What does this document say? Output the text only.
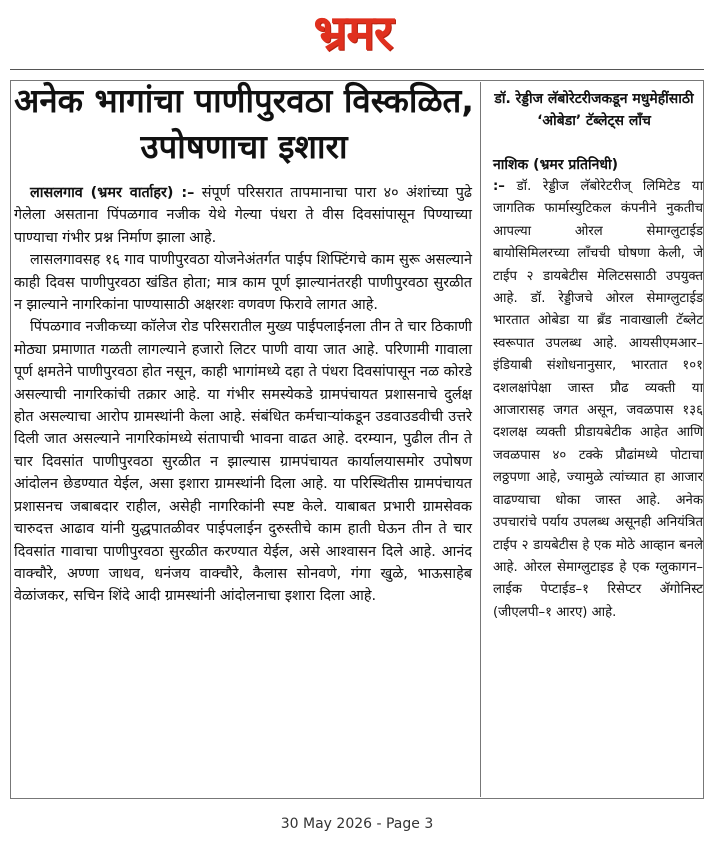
भ्रमर
अनेक भागांचा पाणीपुरवठा विस्कळित, उपोषणाचा इशारा

लासलगाव (भ्रमर वार्ताहर) :– संपूर्ण परिसरात तापमानाचा पारा ४० अंशांच्या पुढे गेलेला असताना पिंपळगाव नजीक येथे गेल्या पंधरा ते वीस दिवसांपासून पिण्याच्या पाण्याचा गंभीर प्रश्न निर्माण झाला आहे.

लासलगावसह १६ गाव पाणीपुरवठा योजनेअंतर्गत पाईप शिफ्टिंगचे काम सुरू असल्याने काही दिवस पाणीपुरवठा खंडित होता; मात्र काम पूर्ण झाल्यानंतरही पाणीपुरवठा सुरळीत न झाल्याने नागरिकांना पाण्यासाठी अक्षरशः वणवण फिरावे लागत आहे.

पिंपळगाव नजीकच्या कॉलेज रोड परिसरातील मुख्य पाईपलाईनला तीन ते चार ठिकाणी मोठ्या प्रमाणात गळती लागल्याने हजारो लिटर पाणी वाया जात आहे. परिणामी गावाला पूर्ण क्षमतेने पाणीपुरवठा होत नसून, काही भागांमध्ये दहा ते पंधरा दिवसांपासून नळ कोरडे असल्याची नागरिकांची तक्रार आहे. या गंभीर समस्येकडे ग्रामपंचायत प्रशासनाचे दुर्लक्ष होत असल्याचा आरोप ग्रामस्थांनी केला आहे. संबंधित कर्मचाऱ्यांकडून उडवाउडवीची उत्तरे दिली जात असल्याने नागरिकांमध्ये संतापाची भावना वाढत आहे. दरम्यान, पुढील तीन ते चार दिवसांत पाणीपुरवठा सुरळीत न झाल्यास ग्रामपंचायत कार्यालयासमोर उपोषण आंदोलन छेडण्यात येईल, असा इशारा ग्रामस्थांनी दिला आहे. या परिस्थितीस ग्रामपंचायत प्रशासनच जबाबदार राहील, असेही नागरिकांनी स्पष्ट केले. याबाबत प्रभारी ग्रामसेवक चारुदत्त आढाव यांनी युद्धपातळीवर पाईपलाईन दुरुस्तीचे काम हाती घेऊन तीन ते चार दिवसांत गावाचा पाणीपुरवठा सुरळीत करण्यात येईल, असे आश्वासन दिले आहे. आनंद वाक्चौरे, अण्णा जाधव, धनंजय वाक्चौरे, कैलास सोनवणे, गंगा खुळे, भाऊसाहेब वेळांजकर, सचिन शिंदे आदी ग्रामस्थांनी आंदोलनाचा इशारा दिला आहे.

डॉ. रेड्डीज लॅबोरेटरीजकडून मधुमेहींसाठी ‘ओबेडा’ टॅब्लेट्स लाँच
नाशिक (भ्रमर प्रतिनिधी)

:– डॉ. रेड्डीज लॅबोरेटरीज् लिमिटेड या जागतिक फार्मास्युटिकल कंपनीने नुकतीच आपल्या ओरल सेमाग्लुटाईड बायोसिमिलरच्या लाँचची घोषणा केली, जे टाईप २ डायबेटीस मेलिटससाठी उपयुक्त आहे. डॉ. रेड्डीजचे ओरल सेमाग्लुटाईड भारतात ओबेडा या ब्रँड नावाखाली टॅब्लेट स्वरूपात उपलब्ध आहे. आयसीएमआर–इंडियाबी संशोधनानुसार, भारतात १०१ दशलक्षांपेक्षा जास्त प्रौढ व्यक्ती या आजारासह जगत असून, जवळपास १३६ दशलक्ष व्यक्ती प्रीडायबेटीक आहेत आणि जवळपास ४० टक्के प्रौढांमध्ये पोटाचा लठ्ठपणा आहे, ज्यामुळे त्यांच्यात हा आजार वाढण्याचा धोका जास्त आहे. अनेक उपचारांचे पर्याय उपलब्ध असूनही अनियंत्रित टाईप २ डायबेटीस हे एक मोठे आव्हान बनले आहे. ओरल सेमाग्लुटाइड हे एक ग्लुकागन–लाईक पेप्टाईड–१ रिसेप्टर ॲगोनिस्ट (जीएलपी–१ आरए) आहे.

30 May 2026 - Page 3
